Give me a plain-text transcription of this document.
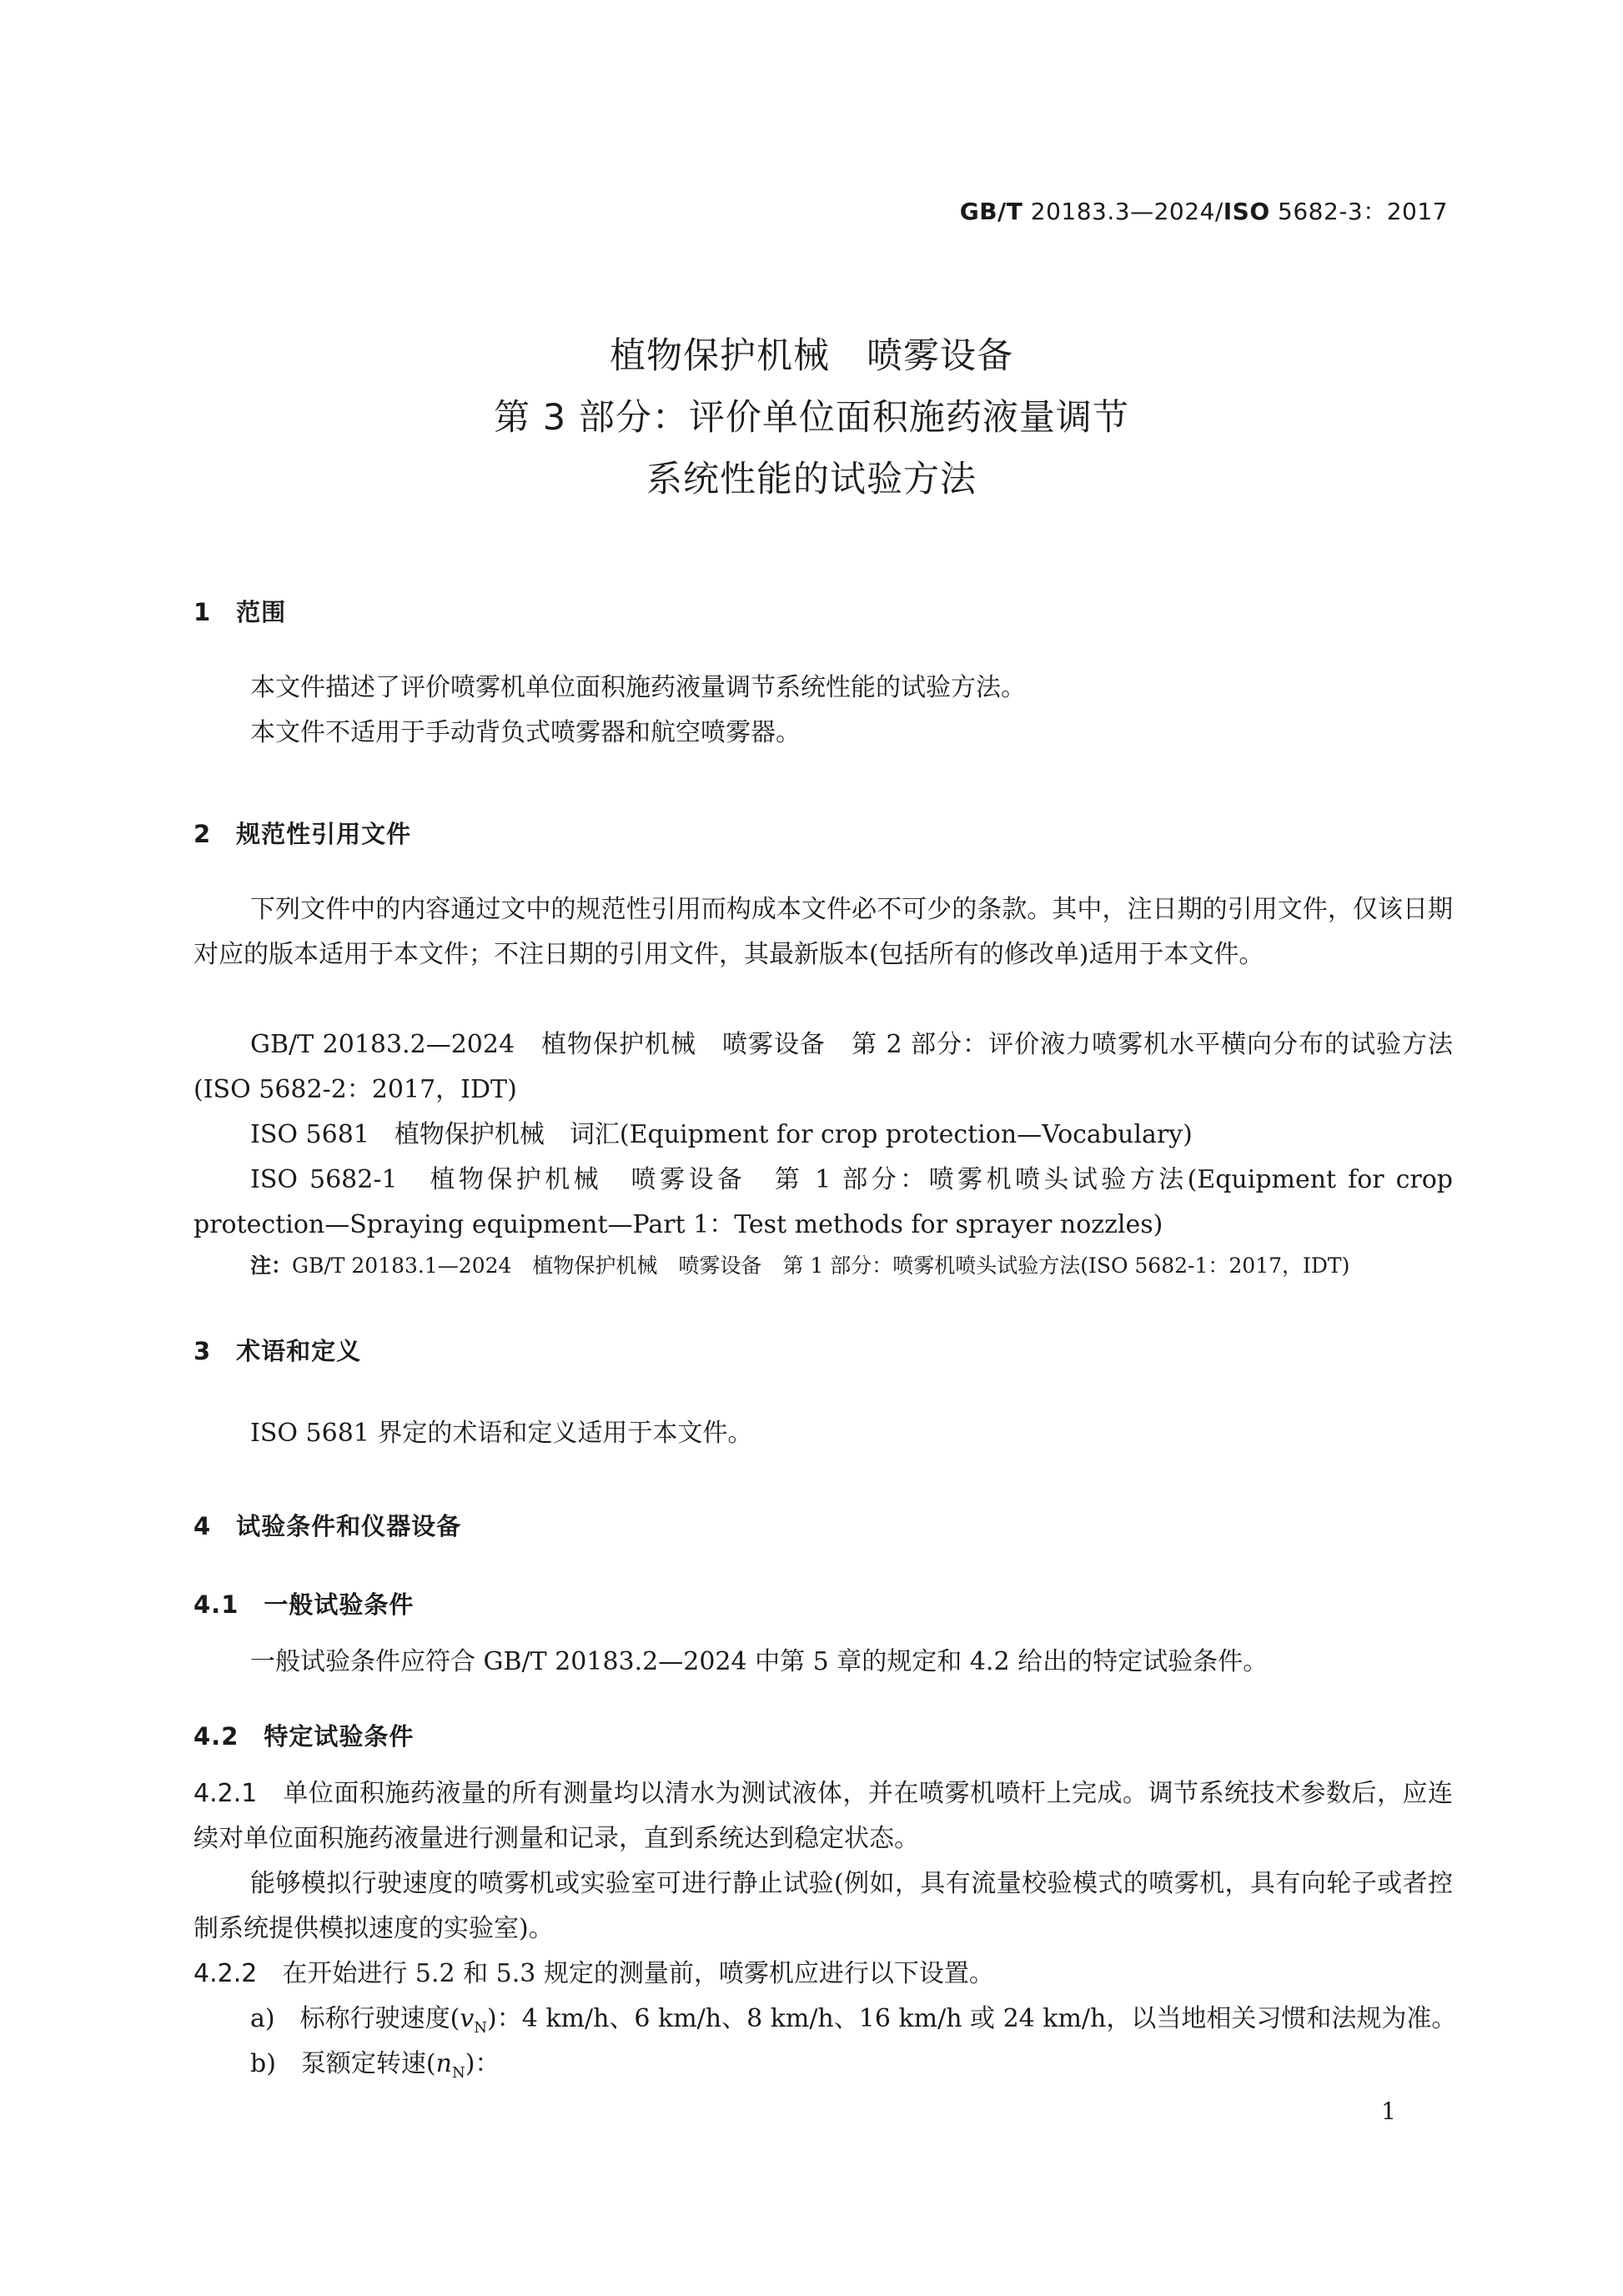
GB/T 20183.3—2024/ISO 5682-3：2017
植物保护机械　喷雾设备
第 3 部分：评价单位面积施药液量调节
系统性能的试验方法
1　范围
本文件描述了评价喷雾机单位面积施药液量调节系统性能的试验方法。
本文件不适用于手动背负式喷雾器和航空喷雾器。
2　规范性引用文件
下列文件中的内容通过文中的规范性引用而构成本文件必不可少的条款。其中，注日期的引用文件，仅该日期对应的版本适用于本文件；不注日期的引用文件，其最新版本(包括所有的修改单)适用于本文件。
GB/T 20183.2—2024　植物保护机械　喷雾设备　第 2 部分：评价液力喷雾机水平横向分布的试验方法(ISO 5682-2：2017，IDT)
ISO 5681　植物保护机械　词汇(Equipment for crop protection—Vocabulary)
ISO 5682-1　植物保护机械　喷雾设备　第 1 部分：喷雾机喷头试验方法(Equipment for crop protection—Spraying equipment—Part 1：Test methods for sprayer nozzles)
注：GB/T 20183.1—2024　植物保护机械　喷雾设备　第 1 部分：喷雾机喷头试验方法(ISO 5682-1：2017，IDT)
3　术语和定义
ISO 5681 界定的术语和定义适用于本文件。
4　试验条件和仪器设备
4.1　一般试验条件
一般试验条件应符合 GB/T 20183.2—2024 中第 5 章的规定和 4.2 给出的特定试验条件。
4.2　特定试验条件
4.2.1　 单位面积施药液量的所有测量均以清水为测试液体，并在喷雾机喷杆上完成。调节系统技术参数后，应连续对单位面积施药液量进行测量和记录，直到系统达到稳定状态。
能够模拟行驶速度的喷雾机或实验室可进行静止试验(例如，具有流量校验模式的喷雾机，具有向轮子或者控制系统提供模拟速度的实验室)。
4.2.2　 在开始进行 5.2 和 5.3 规定的测量前，喷雾机应进行以下设置。
a)　 标称行驶速度$(v_N)$：4 km/h、6 km/h、8 km/h、16 km/h 或 24 km/h，以当地相关习惯和法规为准。
b)　 泵额定转速$(n_N)$：
1
